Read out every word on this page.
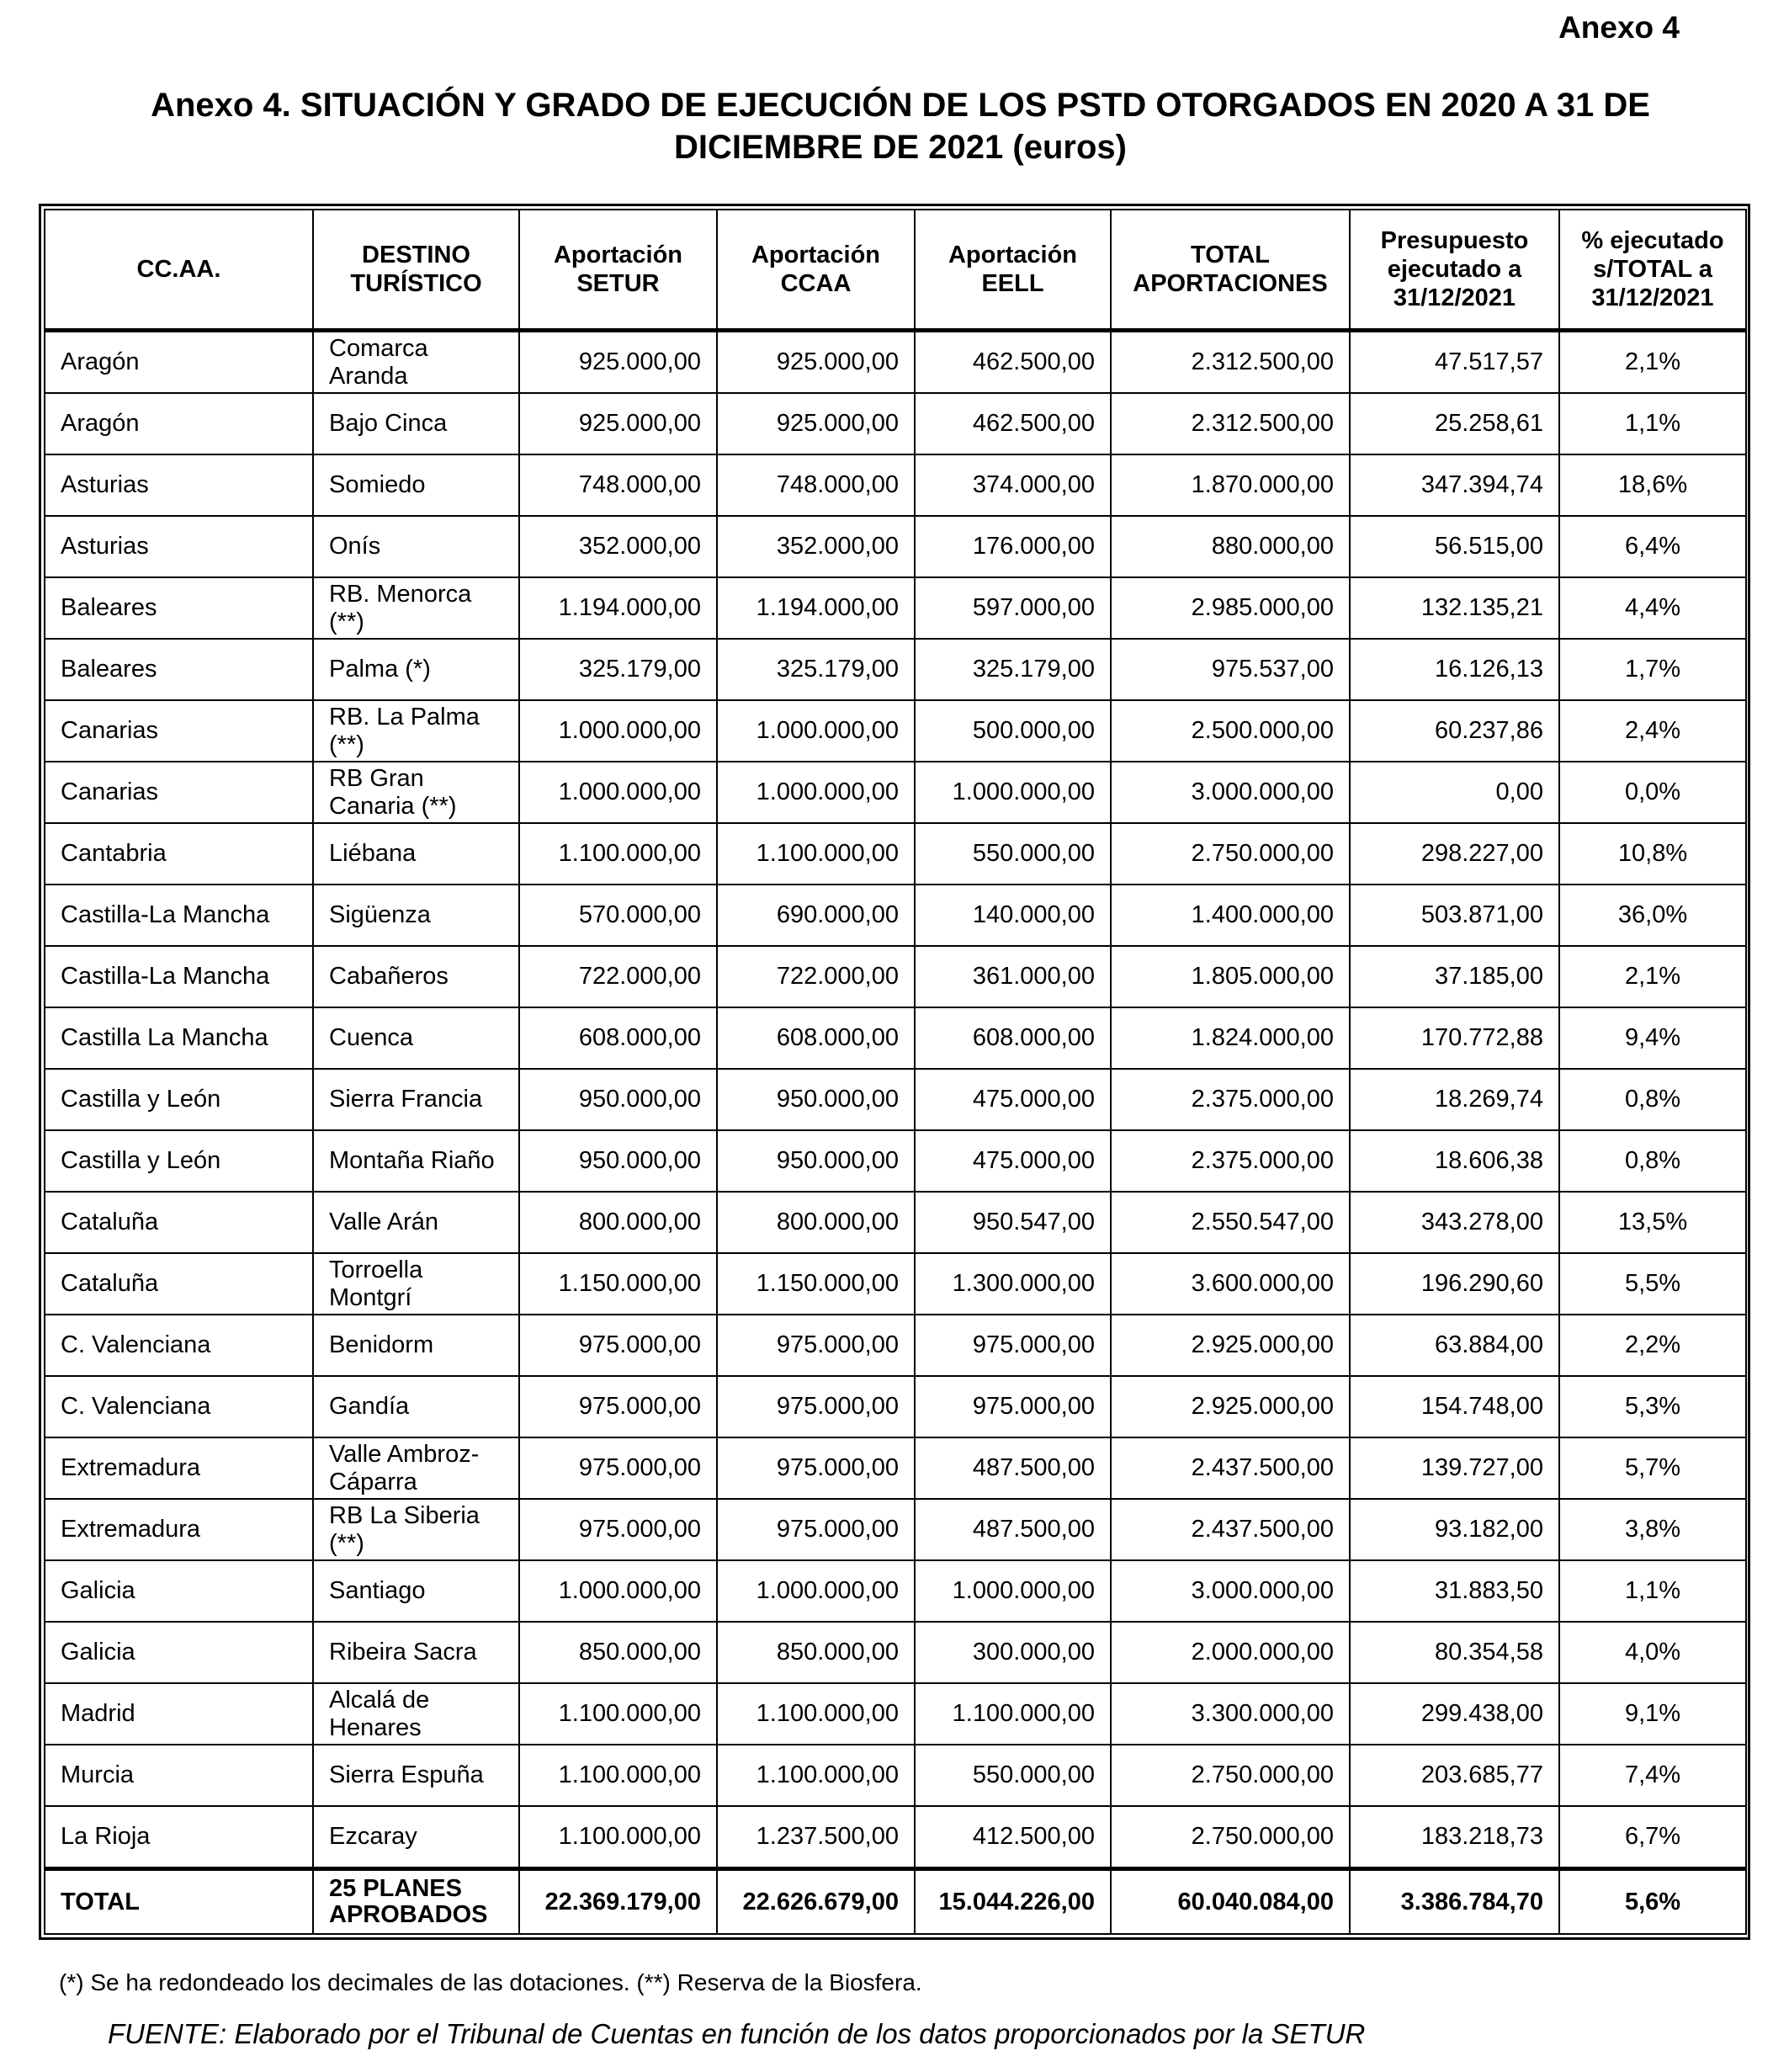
Anexo 4
Anexo 4. SITUACIÓN Y GRADO DE EJECUCIÓN DE LOS PSTD OTORGADOS EN 2020 A 31 DE DICIEMBRE DE 2021 (euros)
CC.AA.	DESTINO TURÍSTICO	Aportación SETUR	Aportación CCAA	Aportación EELL	TOTAL APORTACIONES	Presupuesto ejecutado a 31/12/2021	% ejecutado s/TOTAL a 31/12/2021
Aragón	Comarca Aranda	925.000,00	925.000,00	462.500,00	2.312.500,00	47.517,57	2,1%
Aragón	Bajo Cinca	925.000,00	925.000,00	462.500,00	2.312.500,00	25.258,61	1,1%
Asturias	Somiedo	748.000,00	748.000,00	374.000,00	1.870.000,00	347.394,74	18,6%
Asturias	Onís	352.000,00	352.000,00	176.000,00	880.000,00	56.515,00	6,4%
Baleares	RB. Menorca (**)	1.194.000,00	1.194.000,00	597.000,00	2.985.000,00	132.135,21	4,4%
Baleares	Palma (*)	325.179,00	325.179,00	325.179,00	975.537,00	16.126,13	1,7%
Canarias	RB. La Palma (**)	1.000.000,00	1.000.000,00	500.000,00	2.500.000,00	60.237,86	2,4%
Canarias	RB Gran Canaria (**)	1.000.000,00	1.000.000,00	1.000.000,00	3.000.000,00	0,00	0,0%
Cantabria	Liébana	1.100.000,00	1.100.000,00	550.000,00	2.750.000,00	298.227,00	10,8%
Castilla-La Mancha	Sigüenza	570.000,00	690.000,00	140.000,00	1.400.000,00	503.871,00	36,0%
Castilla-La Mancha	Cabañeros	722.000,00	722.000,00	361.000,00	1.805.000,00	37.185,00	2,1%
Castilla La Mancha	Cuenca	608.000,00	608.000,00	608.000,00	1.824.000,00	170.772,88	9,4%
Castilla y León	Sierra Francia	950.000,00	950.000,00	475.000,00	2.375.000,00	18.269,74	0,8%
Castilla y León	Montaña Riaño	950.000,00	950.000,00	475.000,00	2.375.000,00	18.606,38	0,8%
Cataluña	Valle Arán	800.000,00	800.000,00	950.547,00	2.550.547,00	343.278,00	13,5%
Cataluña	Torroella Montgrí	1.150.000,00	1.150.000,00	1.300.000,00	3.600.000,00	196.290,60	5,5%
C. Valenciana	Benidorm	975.000,00	975.000,00	975.000,00	2.925.000,00	63.884,00	2,2%
C. Valenciana	Gandía	975.000,00	975.000,00	975.000,00	2.925.000,00	154.748,00	5,3%
Extremadura	Valle Ambroz-Cáparra	975.000,00	975.000,00	487.500,00	2.437.500,00	139.727,00	5,7%
Extremadura	RB La Siberia (**)	975.000,00	975.000,00	487.500,00	2.437.500,00	93.182,00	3,8%
Galicia	Santiago	1.000.000,00	1.000.000,00	1.000.000,00	3.000.000,00	31.883,50	1,1%
Galicia	Ribeira Sacra	850.000,00	850.000,00	300.000,00	2.000.000,00	80.354,58	4,0%
Madrid	Alcalá de Henares	1.100.000,00	1.100.000,00	1.100.000,00	3.300.000,00	299.438,00	9,1%
Murcia	Sierra Espuña	1.100.000,00	1.100.000,00	550.000,00	2.750.000,00	203.685,77	7,4%
La Rioja	Ezcaray	1.100.000,00	1.237.500,00	412.500,00	2.750.000,00	183.218,73	6,7%
TOTAL	25 PLANES APROBADOS	22.369.179,00	22.626.679,00	15.044.226,00	60.040.084,00	3.386.784,70	5,6%
(*) Se ha redondeado los decimales de las dotaciones. (**) Reserva de la Biosfera.
FUENTE: Elaborado por el Tribunal de Cuentas en función de los datos proporcionados por la SETUR
